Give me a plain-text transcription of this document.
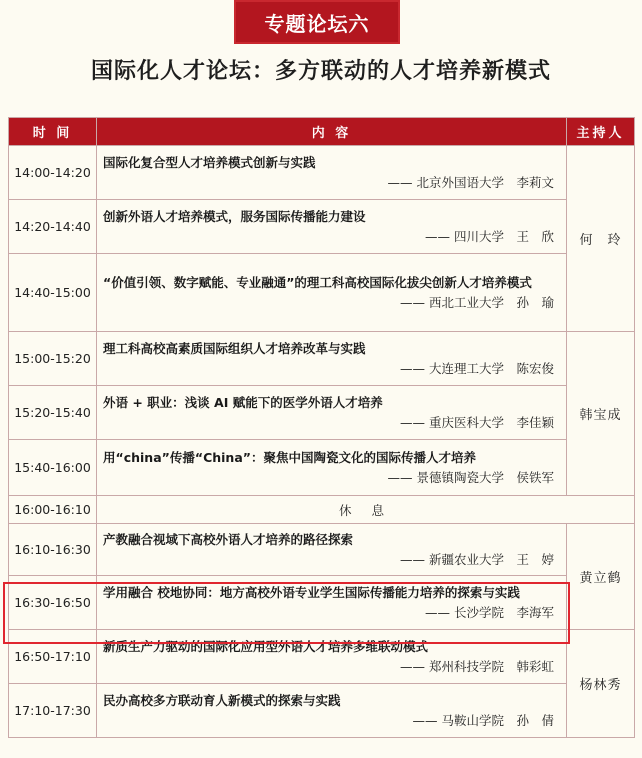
专题论坛六
国际化人才论坛：多方联动的人才培养新模式
时 间	内 容	主持人
14:00-14:20	国际化复合型人才培养模式创新与实践
—— 北京外国语大学　李莉文	何　玲
14:20-14:40	创新外语人才培养模式，服务国际传播能力建设
—— 四川大学　王　欣	

14:40-15:00	“价值引领、数字赋能、专业融通”的理工科高校国际化拔尖创新人才培养模式
—— 西北工业大学　孙　瑜	

15:00-15:20	理工科高校高素质国际组织人才培养改革与实践
—— 大连理工大学　陈宏俊	韩宝成
15:20-15:40	外语 + 职业：浅谈 AI 赋能下的医学外语人才培养
—— 重庆医科大学　李佳颖	

15:40-16:00	用“china”传播“China”：聚焦中国陶瓷文化的国际传播人才培养
—— 景德镇陶瓷大学　侯铁军	

16:00-16:10	休 息	
16:10-16:30	产教融合视域下高校外语人才培养的路径探索
—— 新疆农业大学　王　婷	黄立鹤
16:30-16:50	学用融合 校地协同：地方高校外语专业学生国际传播能力培养的探索与实践
—— 长沙学院　李海军	

16:50-17:10	新质生产力驱动的国际化应用型外语人才培养多维联动模式
—— 郑州科技学院　韩彩虹	杨林秀
17:10-17:30	民办高校多方联动育人新模式的探索与实践
—— 马鞍山学院　孙　倩	
